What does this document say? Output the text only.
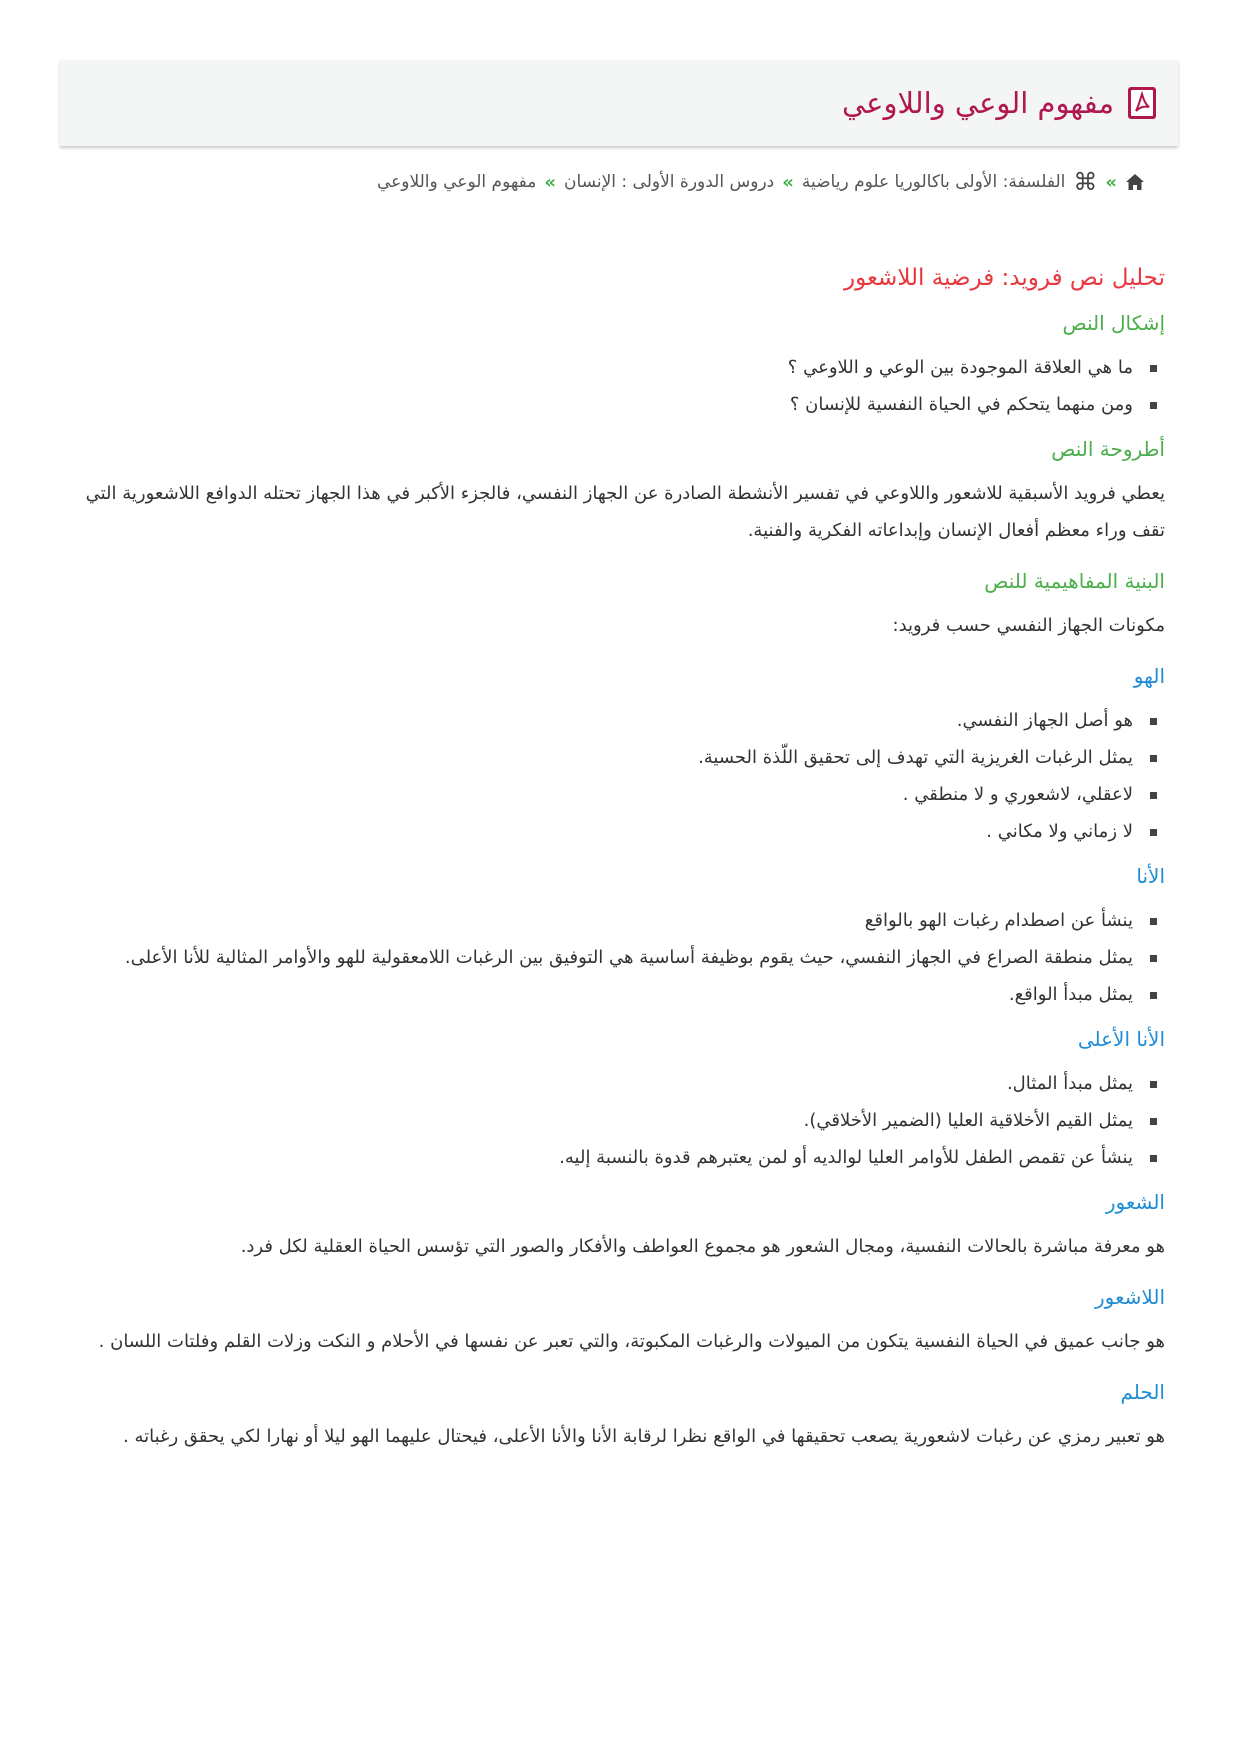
مفهوم الوعي واللاوعي
»
⌘
الفلسفة: الأولى باكالوريا علوم رياضية
»
دروس الدورة الأولى : الإنسان
»
مفهوم الوعي واللاوعي
تحليل نص فرويد: فرضية اللاشعور
إشكال النص
ما هي العلاقة الموجودة بين الوعي و اللاوعي ؟
ومن منهما يتحكم في الحياة النفسية للإنسان ؟
أطروحة النص

يعطي فرويد الأسبقية للاشعور واللاوعي في تفسير الأنشطة الصادرة عن الجهاز النفسي، فالجزء الأكبر في هذا الجهاز تحتله الدوافع اللاشعورية التي تقف وراء معظم أفعال الإنسان وإبداعاته الفكرية والفنية.

البنية المفاهيمية للنص

مكونات الجهاز النفسي حسب فرويد:

الهو
هو أصل الجهاز النفسي.
يمثل الرغبات الغريزية التي تهدف إلى تحقيق اللّذة الحسية.
لاعقلي، لاشعوري و لا منطقي .
لا زماني ولا مكاني .
الأنا
ينشأ عن اصطدام رغبات الهو بالواقع
يمثل منطقة الصراع في الجهاز النفسي، حيث يقوم بوظيفة أساسية هي التوفيق بين الرغبات اللامعقولية للهو والأوامر المثالية للأنا الأعلى.
يمثل مبدأ الواقع.
الأنا الأعلى
يمثل مبدأ المثال.
يمثل القيم الأخلاقية العليا (الضمير الأخلاقي).
ينشأ عن تقمص الطفل للأوامر العليا لوالديه أو لمن يعتبرهم قدوة بالنسبة إليه.
الشعور

هو معرفة مباشرة بالحالات النفسية، ومجال الشعور هو مجموع العواطف والأفكار والصور التي تؤسس الحياة العقلية لكل فرد.

اللاشعور

هو جانب عميق في الحياة النفسية يتكون من الميولات والرغبات المكبوتة، والتي تعبر عن نفسها في الأحلام و النكت وزلات القلم وفلتات اللسان .

الحلم

هو تعبير رمزي عن رغبات لاشعورية يصعب تحقيقها في الواقع نظرا لرقابة الأنا والأنا الأعلى، فيحتال عليهما الهو ليلا أو نهارا لكي يحقق رغباته .
